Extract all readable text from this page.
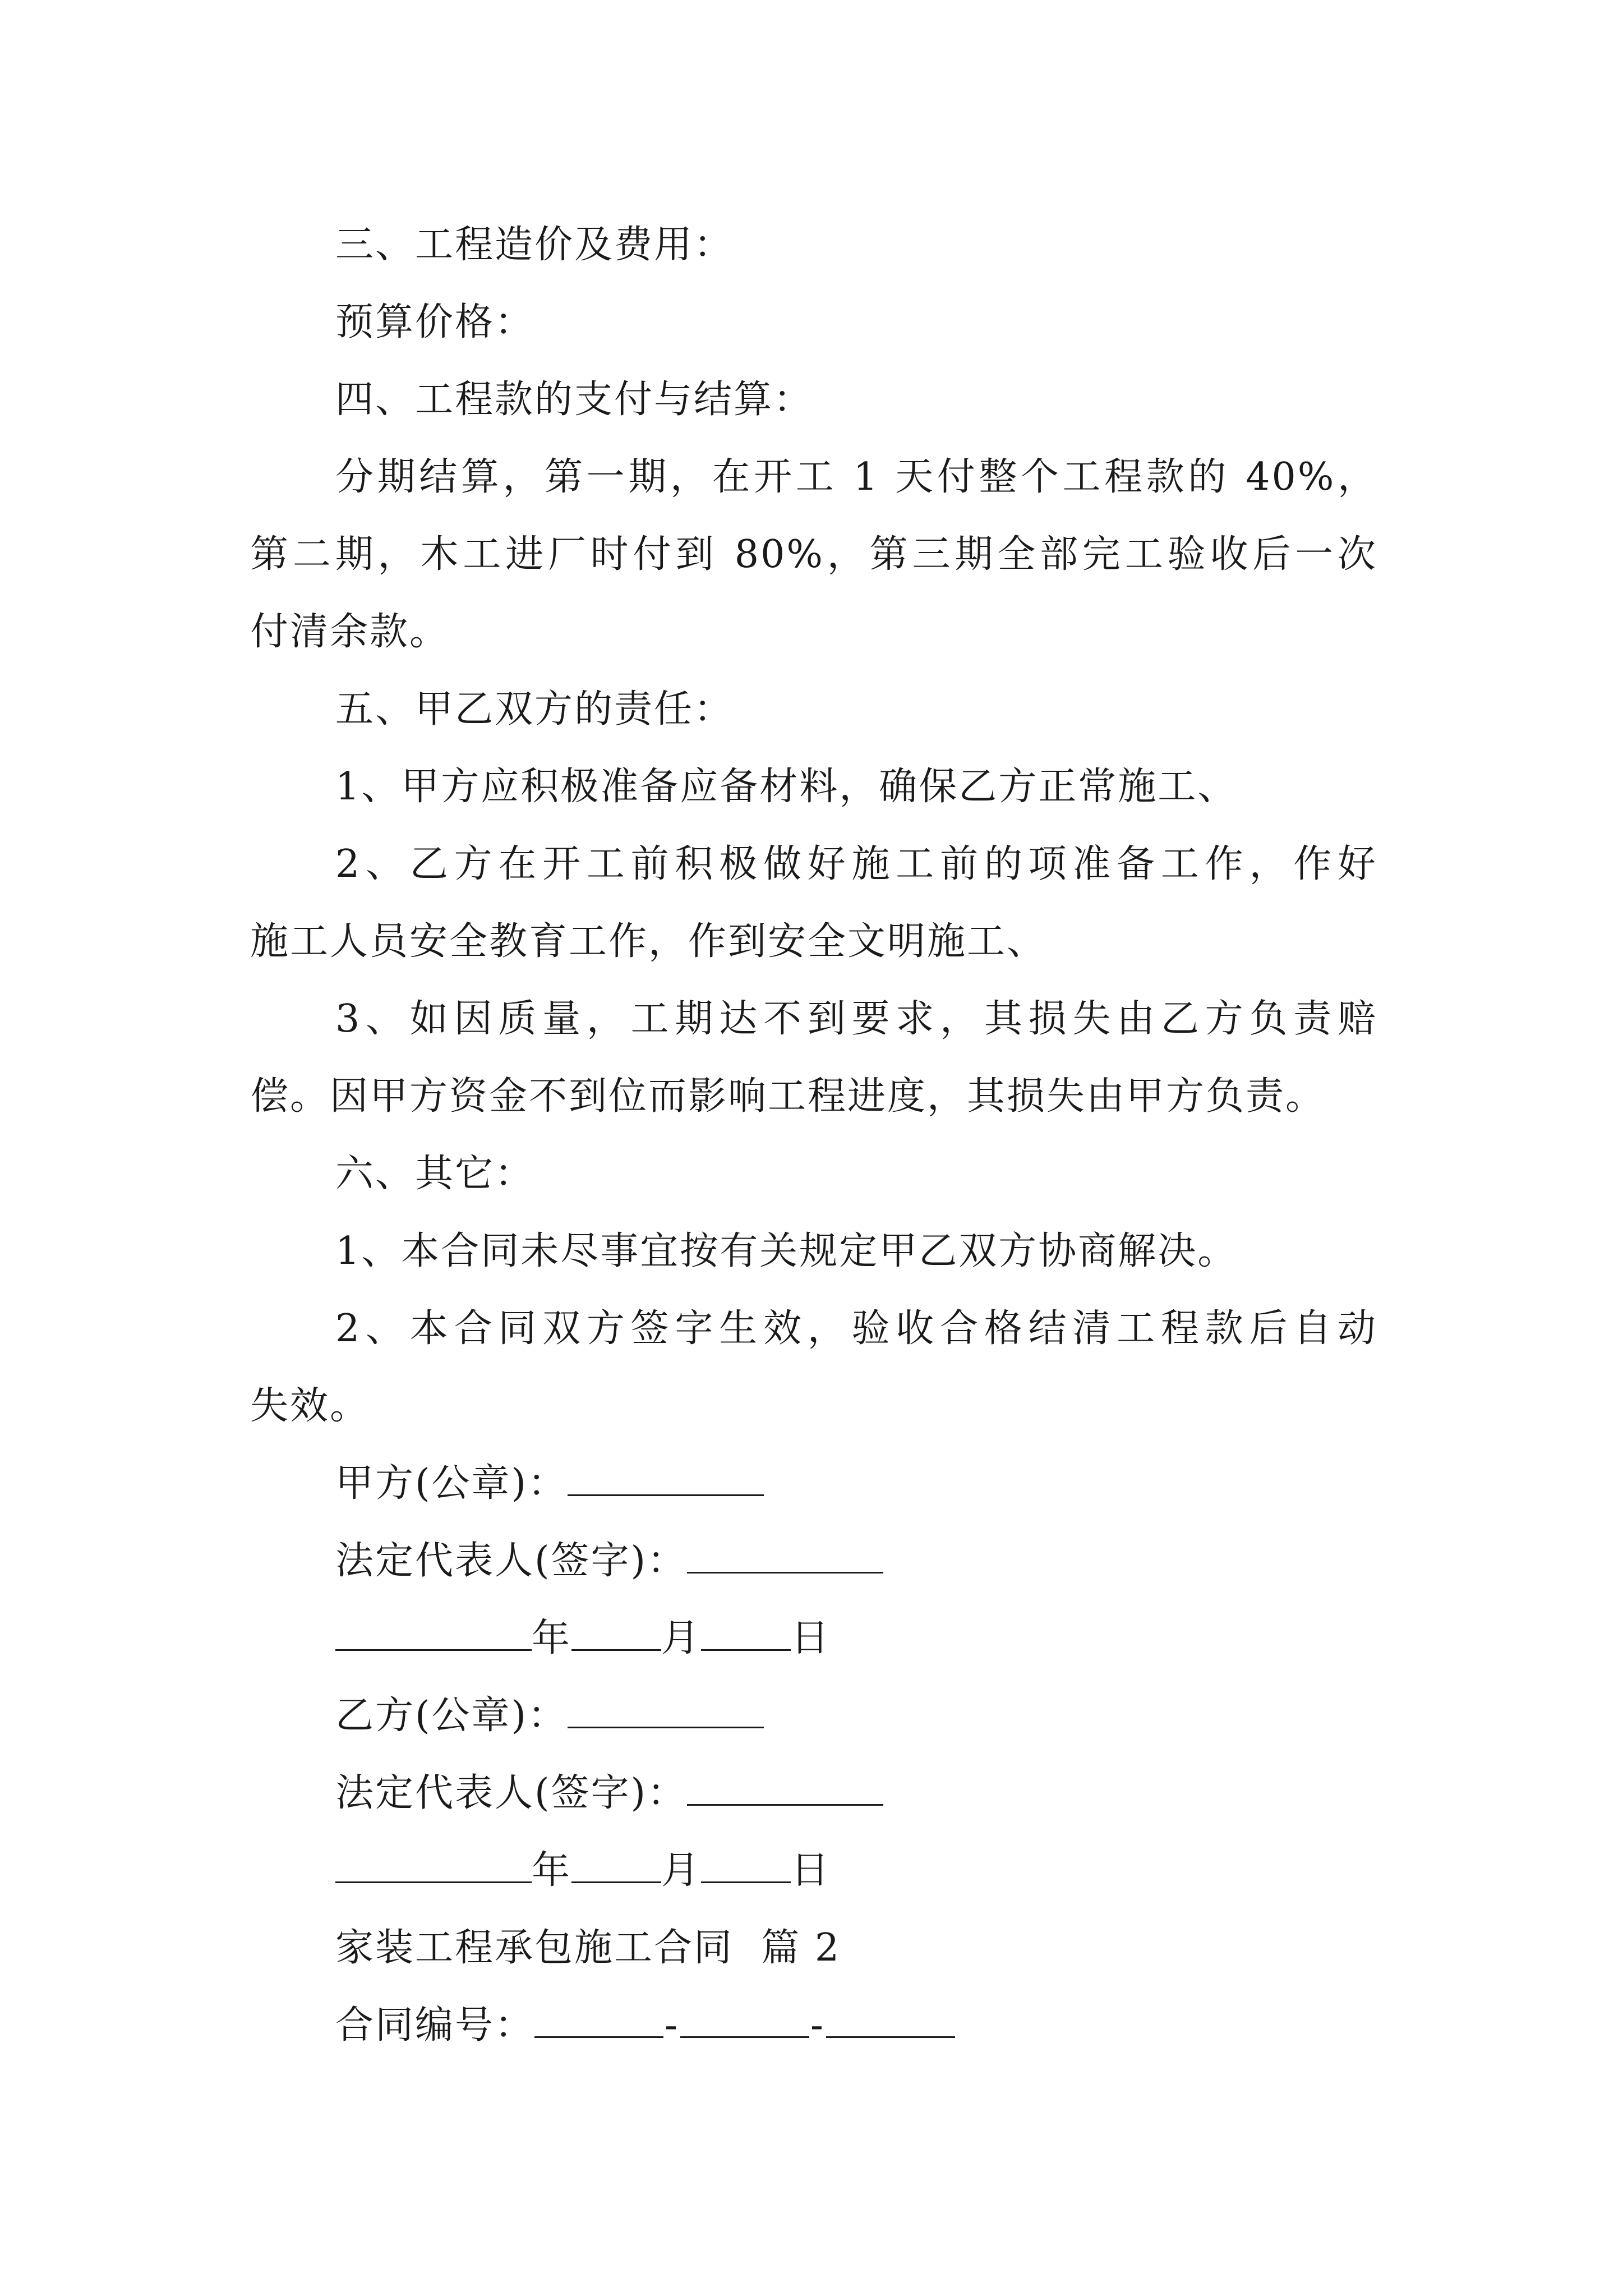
三、工程造价及费用：

预算价格：

四、工程款的支付与结算：

分期结算，第一期，在开工 1 天付整个工程款的 40%，

第二期，木工进厂时付到 80%，第三期全部完工验收后一次

付清余款。

五、甲乙双方的责任：

1、甲方应积极准备应备材料，确保乙方正常施工、

2、乙方在开工前积极做好施工前的项准备工作，作好

施工人员安全教育工作，作到安全文明施工、

3、如因质量，工期达不到要求，其损失由乙方负责赔

偿。因甲方资金不到位而影响工程进度，其损失由甲方负责。

六、其它：

1、本合同未尽事宜按有关规定甲乙双方协商解决。

2、本合同双方签字生效，验收合格结清工程款后自动

失效。

甲方(公章)：

法定代表人(签字)：

年 月 日

乙方(公章)：

法定代表人(签字)：

年 月 日

家装工程承包施工合同  篇 2

合同编号：	-	-
